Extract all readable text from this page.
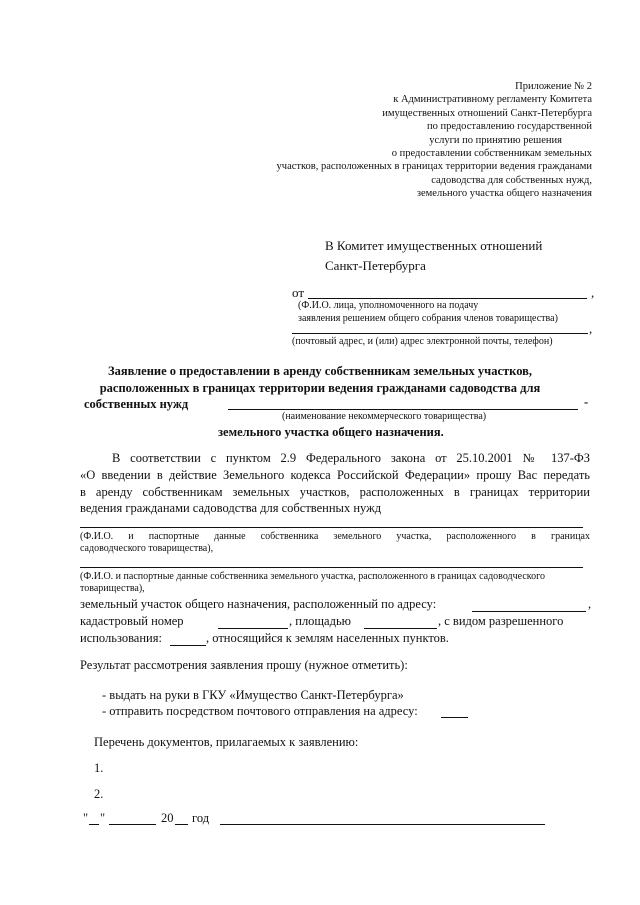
Приложение № 2
к Административному регламенту Комитета
имущественных отношений Санкт-Петербурга
по предоставлению государственной
услуги по принятию решения
о предоставлении собственникам земельных
участков, расположенных в границах территории ведения гражданами
садоводства для собственных нужд,
земельного участка общего назначения
В Комитет имущественных отношений
Санкт-Петербурга
от	,
(Ф.И.О. лица, уполномоченного на подачу
заявления решением общего собрания членов товарищества)
,
(почтовый адрес, и (или) адрес электронной почты, телефон)
Заявление о предоставлении в аренду собственникам земельных участков,
расположенных в границах территории ведения гражданами садоводства для
собственных нужд	-
(наименование некоммерческого товарищества)
земельного участка общего назначения.
В соответствии с пунктом 2.9 Федерального закона от 25.10.2001 № 137-ФЗ
«О введении в действие Земельного кодекса Российской Федерации» прошу Вас передать
в аренду собственникам земельных участков, расположенных в границах территории
ведения гражданами садоводства для собственных нужд
(Ф.И.О. и паспортные данные собственника земельного участка, расположенного в границах
садоводческого товарищества),
(Ф.И.О. и паспортные данные собственника земельного участка, расположенного в границах садоводческого
товарищества),
земельный участок общего назначения, расположенный по адресу:	,
кадастровый номер	, площадью	, с видом разрешенного
использования:	, относящийся к землям населенных пунктов.
Результат рассмотрения заявления прошу (нужное отметить):
- выдать на руки в ГКУ «Имущество Санкт-Петербурга»
- отправить посредством почтового отправления на адресу:
Перечень документов, прилагаемых к заявлению:
1.
2.
" "	20 год
